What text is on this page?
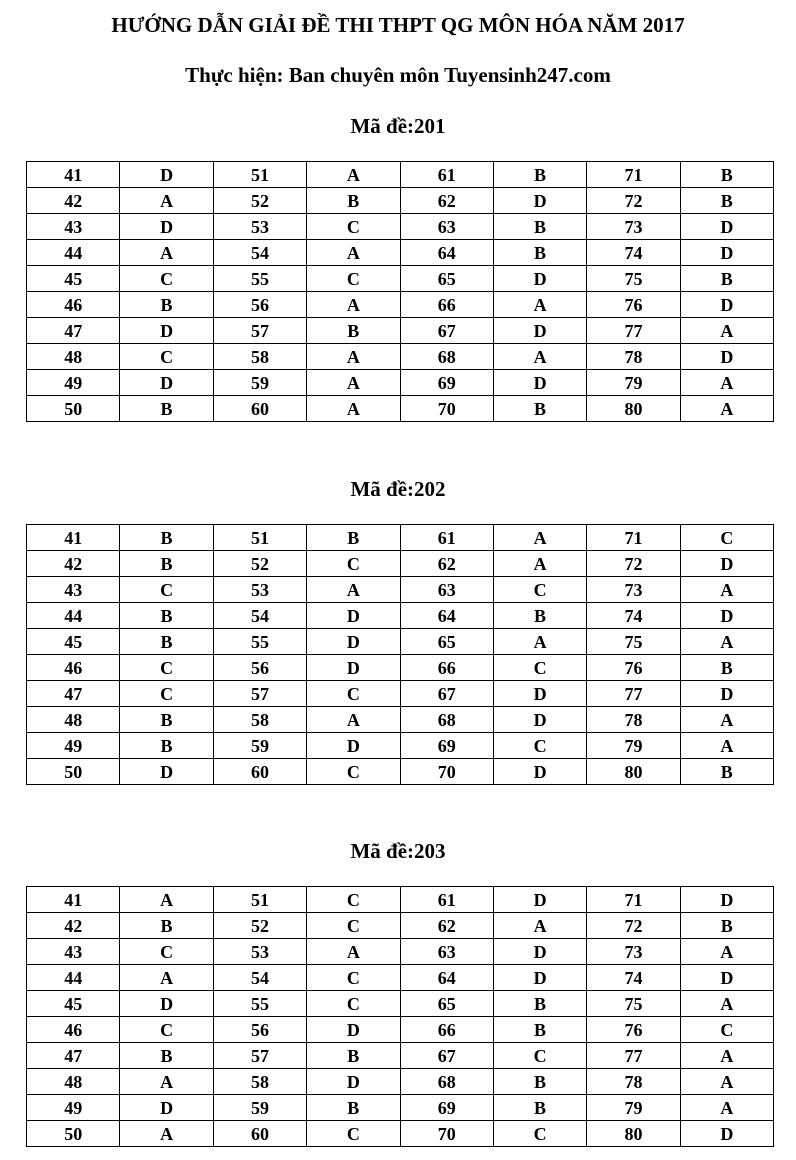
HƯỚNG DẪN GIẢI ĐỀ THI THPT QG MÔN HÓA NĂM 2017
Thực hiện: Ban chuyên môn Tuyensinh247.com
Mã đề:201
41	D	51	A	61	B	71	B
42	A	52	B	62	D	72	B
43	D	53	C	63	B	73	D
44	A	54	A	64	B	74	D
45	C	55	C	65	D	75	B
46	B	56	A	66	A	76	D
47	D	57	B	67	D	77	A
48	C	58	A	68	A	78	D
49	D	59	A	69	D	79	A
50	B	60	A	70	B	80	A
Mã đề:202
41	B	51	B	61	A	71	C
42	B	52	C	62	A	72	D
43	C	53	A	63	C	73	A
44	B	54	D	64	B	74	D
45	B	55	D	65	A	75	A
46	C	56	D	66	C	76	B
47	C	57	C	67	D	77	D
48	B	58	A	68	D	78	A
49	B	59	D	69	C	79	A
50	D	60	C	70	D	80	B
Mã đề:203
41	A	51	C	61	D	71	D
42	B	52	C	62	A	72	B
43	C	53	A	63	D	73	A
44	A	54	C	64	D	74	D
45	D	55	C	65	B	75	A
46	C	56	D	66	B	76	C
47	B	57	B	67	C	77	A
48	A	58	D	68	B	78	A
49	D	59	B	69	B	79	A
50	A	60	C	70	C	80	D
